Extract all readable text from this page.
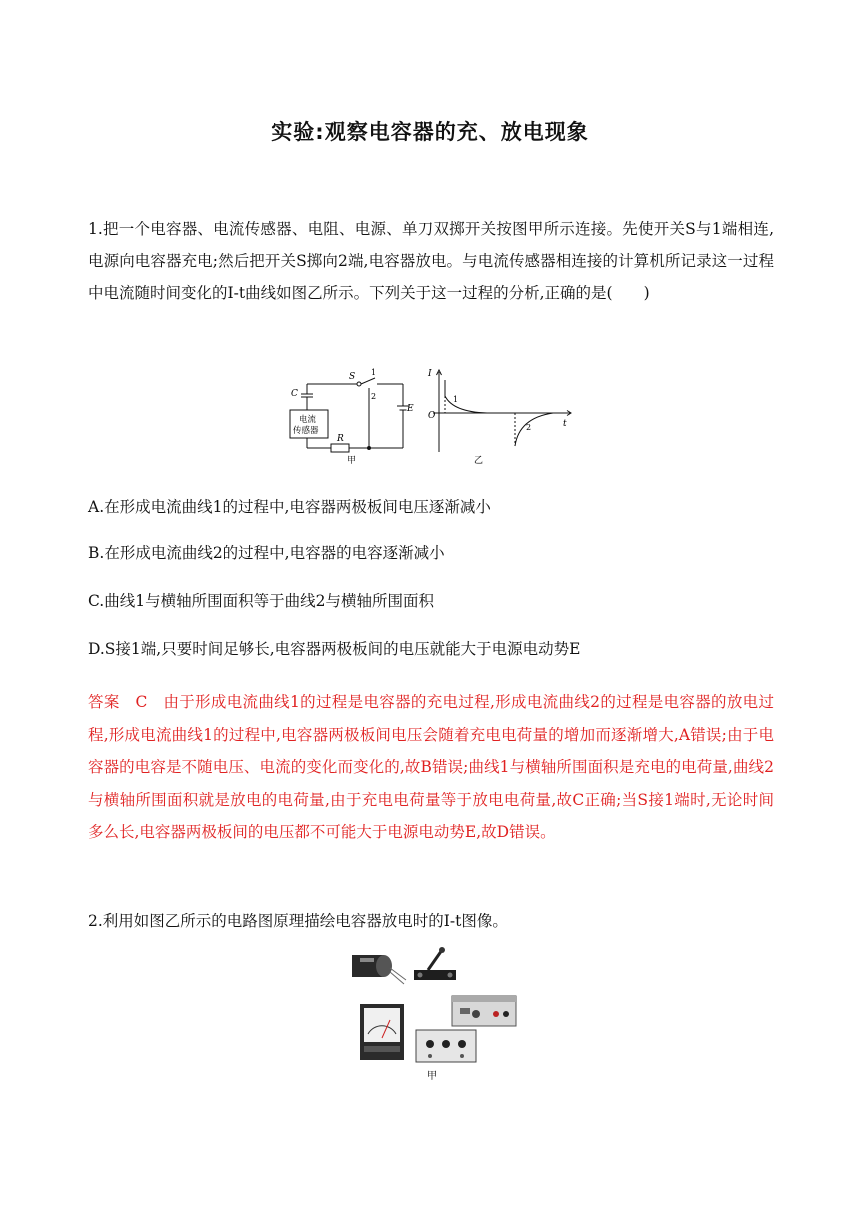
实验:观察电容器的充、放电现象
1.把一个电容器、电流传感器、电阻、电源、单刀双掷开关按图甲所示连接。先使开关S与1端相连,电源向电容器充电;然后把开关S掷向2端,电容器放电。与电流传感器相连接的计算机所记录这一过程中电流随时间变化的I-t曲线如图乙所示。下列关于这一过程的分析,正确的是(　　)
C
S 1
2
E
R
电流
传感器
甲
I
O
t
1
2
乙
A.在形成电流曲线1的过程中,电容器两极板间电压逐渐减小
B.在形成电流曲线2的过程中,电容器的电容逐渐减小
C.曲线1与横轴所围面积等于曲线2与横轴所围面积
D.S接1端,只要时间足够长,电容器两极板间的电压就能大于电源电动势E
答案　C　由于形成电流曲线1的过程是电容器的充电过程,形成电流曲线2的过程是电容器的放电过程,形成电流曲线1的过程中,电容器两极板间电压会随着充电电荷量的增加而逐渐增大,A错误;由于电容器的电容是不随电压、电流的变化而变化的,故B错误;曲线1与横轴所围面积是充电的电荷量,曲线2与横轴所围面积就是放电的电荷量,由于充电电荷量等于放电电荷量,故C正确;当S接1端时,无论时间多么长,电容器两极板间的电压都不可能大于电源电动势E,故D错误。
2.利用如图乙所示的电路图原理描绘电容器放电时的I-t图像。
甲
